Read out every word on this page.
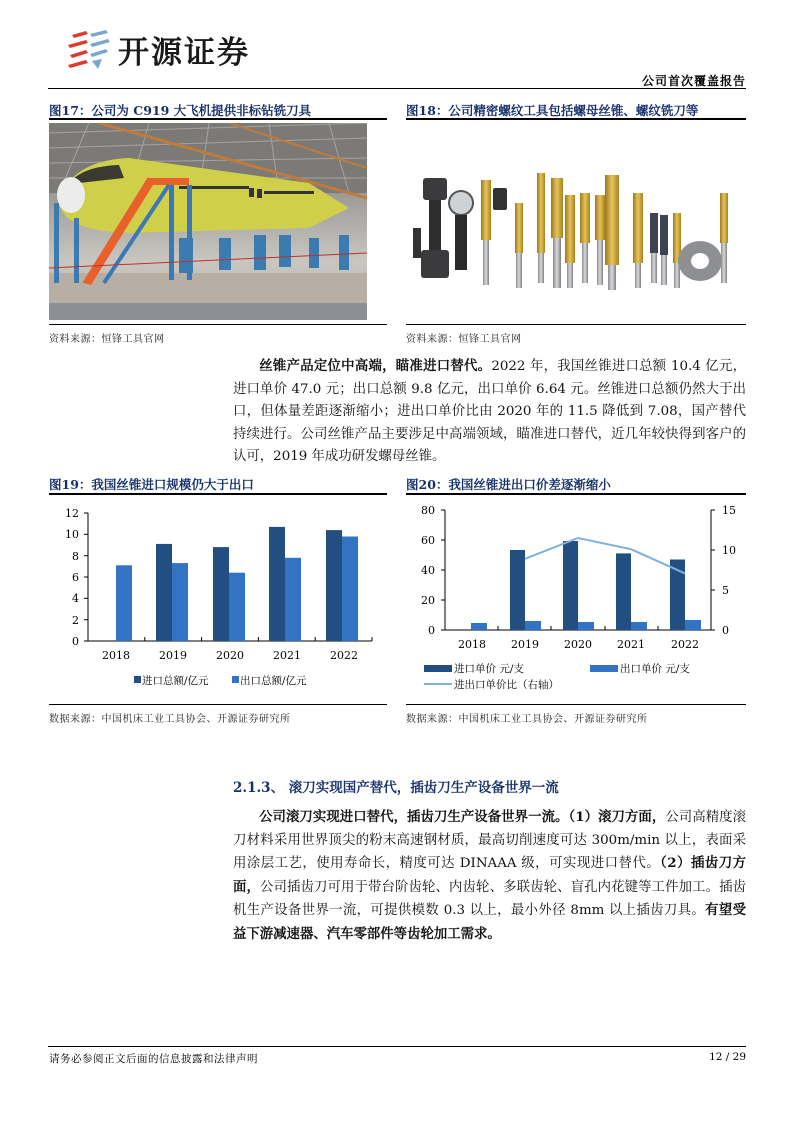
开源证券
公司首次覆盖报告
图17：公司为 C919 大飞机提供非标钻铣刀具
资料来源：恒锋工具官网
图18：公司精密螺纹工具包括螺母丝锥、螺纹铣刀等
资料来源：恒锋工具官网
丝锥产品定位中高端，瞄准进口替代。2022 年，我国丝锥进口总额 10.4 亿元，进口单价 47.0 元；出口总额 9.8 亿元，出口单价 6.64 元。丝锥进口总额仍然大于出口，但体量差距逐渐缩小；进出口单价比由 2020 年的 11.5 降低到 7.08，国产替代持续进行。公司丝锥产品主要涉足中高端领域，瞄准进口替代，近几年较快得到客户的认可，2019 年成功研发螺母丝锥。
图19：我国丝锥进口规模仍大于出口
12
10
8
6
4
2
0
2018	2019	2020	2021	2022
进口总额/亿元	出口总额/亿元
数据来源：中国机床工业工具协会、开源证券研究所
图20：我国丝锥进出口价差逐渐缩小
80
60
40
20
0
15
10
5
0
2018 2019 2020 2021 2022
进口单价 元/支	出口单价 元/支
进出口单价比（右轴）
数据来源：中国机床工业工具协会、开源证券研究所
2.1.3、 滚刀实现国产替代，插齿刀生产设备世界一流
公司滚刀实现进口替代，插齿刀生产设备世界一流。（1）滚刀方面，公司高精度滚刀材料采用世界顶尖的粉末高速钢材质，最高切削速度可达 300m/min 以上，表面采用涂层工艺，使用寿命长，精度可达 DINAAA 级，可实现进口替代。（2）插齿刀方面，公司插齿刀可用于带台阶齿轮、内齿轮、多联齿轮、盲孔内花键等工件加工。插齿机生产设备世界一流，可提供模数 0.3 以上，最小外径 8mm 以上插齿刀具。有望受益下游减速器、汽车零部件等齿轮加工需求。
请务必参阅正文后面的信息披露和法律声明	12 / 29
